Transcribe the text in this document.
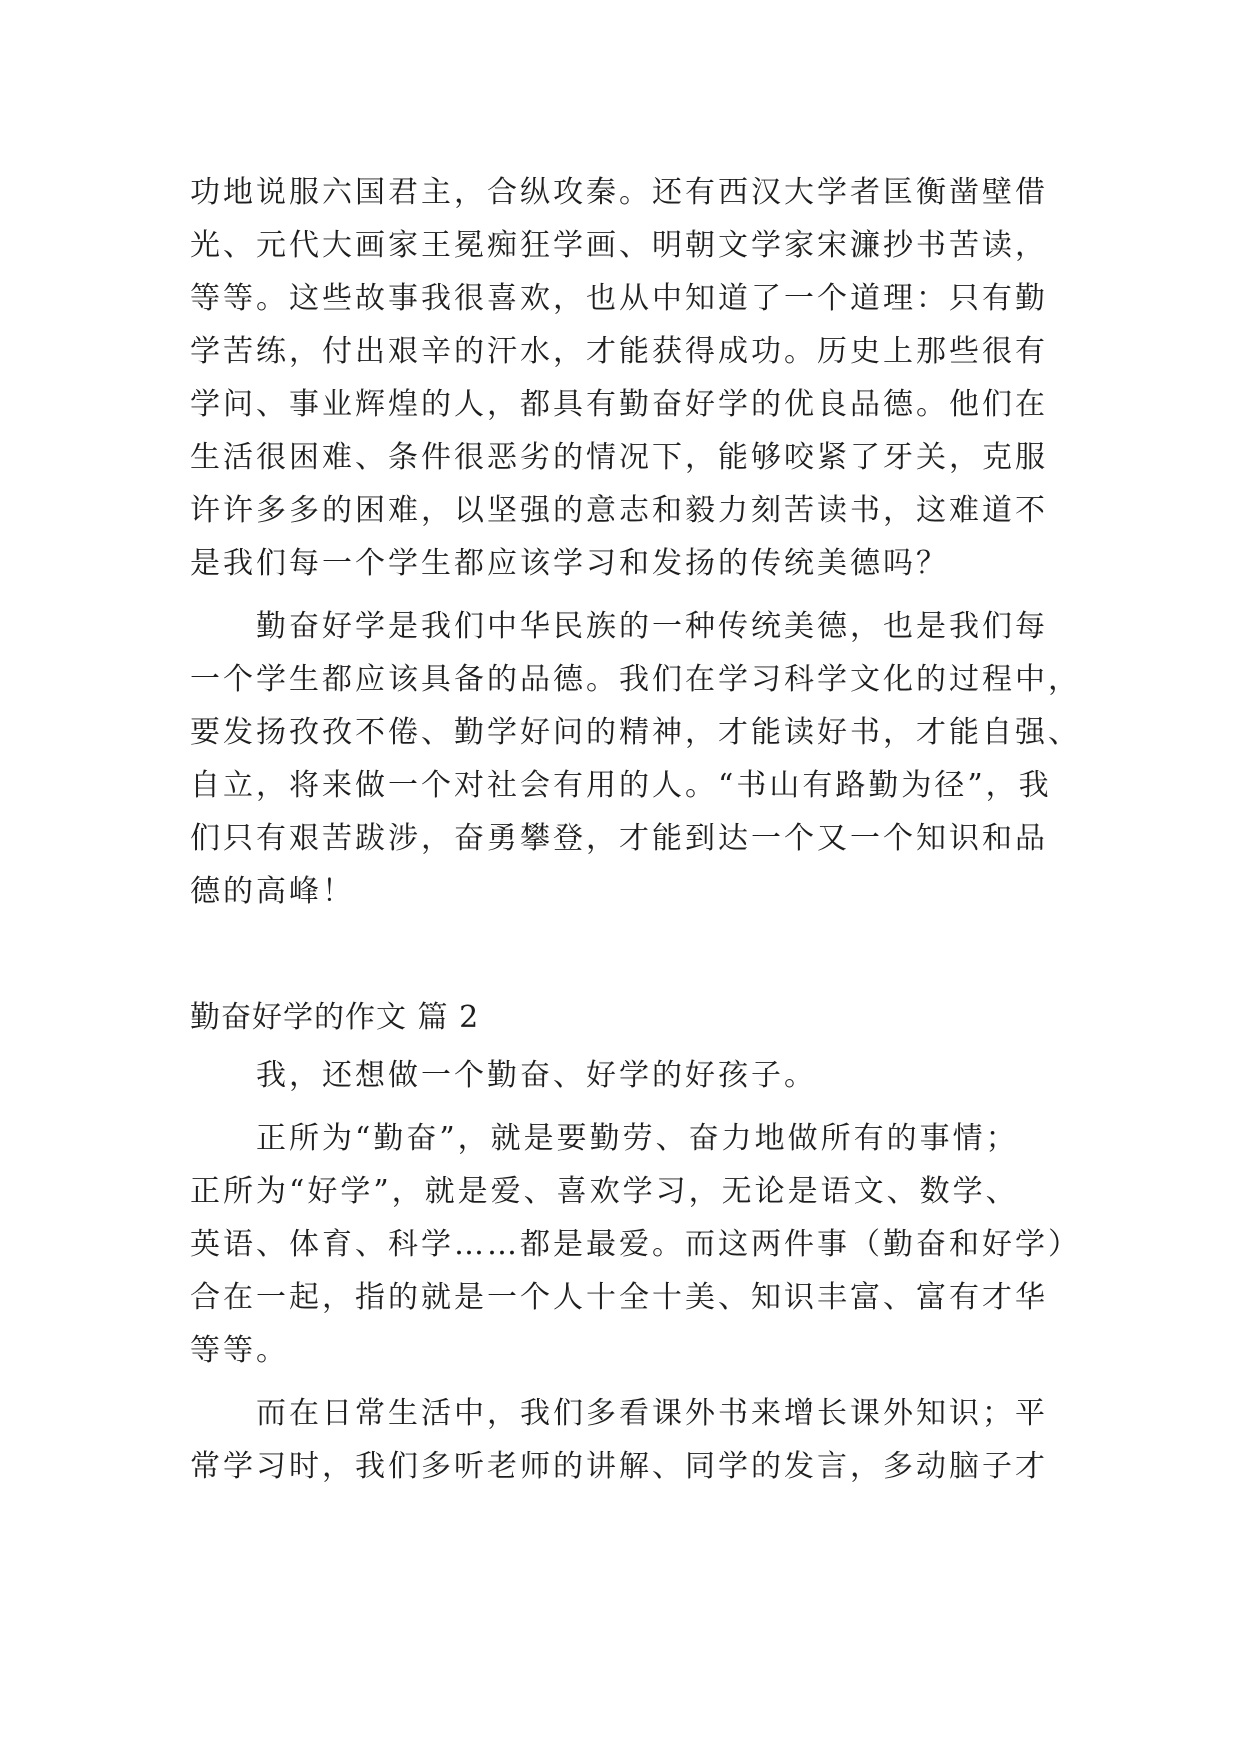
功地说服六国君主，合纵攻秦。还有西汉大学者匡衡凿壁借
光、元代大画家王冕痴狂学画、明朝文学家宋濂抄书苦读，
等等。这些故事我很喜欢，也从中知道了一个道理：只有勤
学苦练，付出艰辛的汗水，才能获得成功。历史上那些很有
学问、事业辉煌的人，都具有勤奋好学的优良品德。他们在
生活很困难、条件很恶劣的情况下，能够咬紧了牙关，克服
许许多多的困难，以坚强的意志和毅力刻苦读书，这难道不
是我们每一个学生都应该学习和发扬的传统美德吗？
　　勤奋好学是我们中华民族的一种传统美德，也是我们每
一个学生都应该具备的品德。我们在学习科学文化的过程中，
要发扬孜孜不倦、勤学好问的精神，才能读好书，才能自强、
自立，将来做一个对社会有用的人。“书山有路勤为径”，我
们只有艰苦跋涉，奋勇攀登，才能到达一个又一个知识和品
德的高峰！
勤奋好学的作文 篇 2
　　我，还想做一个勤奋、好学的好孩子。
　　正所为“勤奋”，就是要勤劳、奋力地做所有的事情；
正所为“好学”，就是爱、喜欢学习，无论是语文、数学、
英语、体育、科学……都是最爱。而这两件事（勤奋和好学）
合在一起，指的就是一个人十全十美、知识丰富、富有才华
等等。
　　而在日常生活中，我们多看课外书来增长课外知识；平
常学习时，我们多听老师的讲解、同学的发言，多动脑子才
